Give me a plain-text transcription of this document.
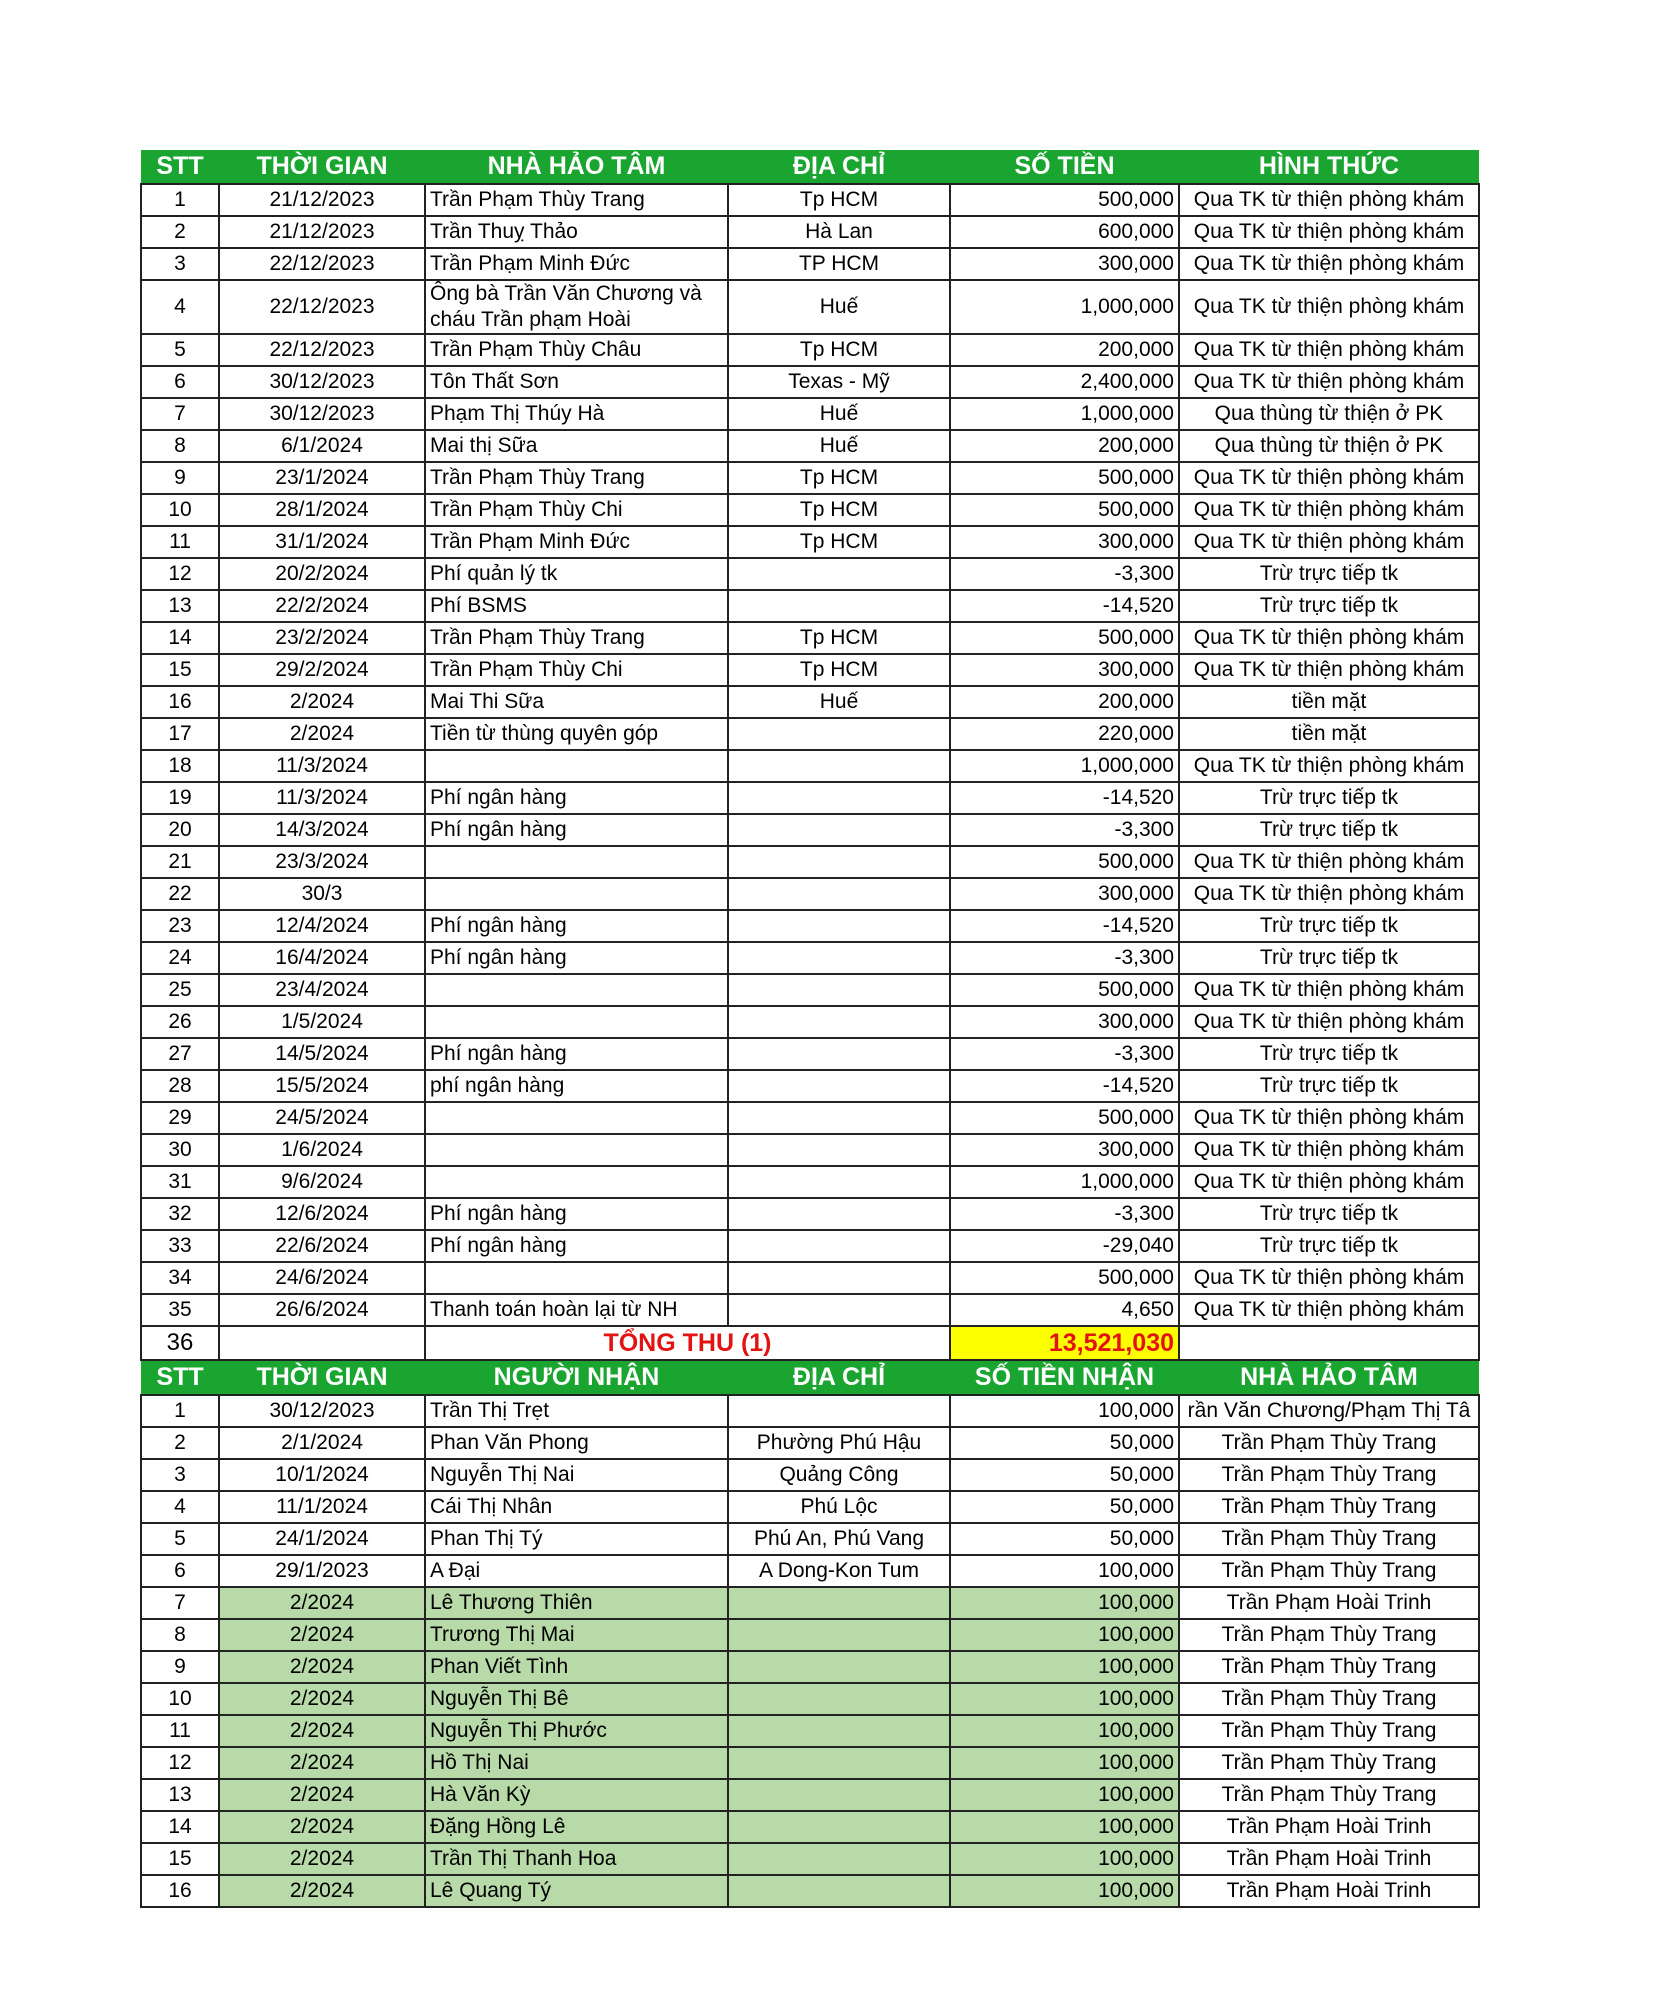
STT	THỜI GIAN	NHÀ HẢO TÂM	ĐỊA CHỈ	SỐ TIỀN	HÌNH THỨC
1	21/12/2023	Trần Phạm Thùy Trang	Tp HCM	500,000	Qua TK từ thiện phòng khám
2	21/12/2023	Trần Thuỵ Thảo	Hà Lan	600,000	Qua TK từ thiện phòng khám
3	22/12/2023	Trần Phạm Minh Đức	TP HCM	300,000	Qua TK từ thiện phòng khám
4	22/12/2023	Ông bà Trần Văn Chương và cháu Trần phạm Hoài	Huế	1,000,000	Qua TK từ thiện phòng khám
5	22/12/2023	Trần Phạm Thùy Châu	Tp HCM	200,000	Qua TK từ thiện phòng khám
6	30/12/2023	Tôn Thất Sơn	Texas - Mỹ	2,400,000	Qua TK từ thiện phòng khám
7	30/12/2023	Phạm Thị Thúy Hà	Huế	1,000,000	Qua thùng từ thiện ở PK
8	6/1/2024	Mai thị Sữa	Huế	200,000	Qua thùng từ thiện ở PK
9	23/1/2024	Trần Phạm Thùy Trang	Tp HCM	500,000	Qua TK từ thiện phòng khám
10	28/1/2024	Trần Phạm Thùy Chi	Tp HCM	500,000	Qua TK từ thiện phòng khám
11	31/1/2024	Trần Phạm Minh Đức	Tp HCM	300,000	Qua TK từ thiện phòng khám
12	20/2/2024	Phí quản lý tk		-3,300	Trừ trực tiếp tk
13	22/2/2024	Phí BSMS		-14,520	Trừ trực tiếp tk
14	23/2/2024	Trần Phạm Thùy Trang	Tp HCM	500,000	Qua TK từ thiện phòng khám
15	29/2/2024	Trần Phạm Thùy Chi	Tp HCM	300,000	Qua TK từ thiện phòng khám
16	2/2024	Mai Thi Sữa	Huế	200,000	tiền mặt
17	2/2024	Tiền từ thùng quyên góp		220,000	tiền mặt
18	11/3/2024			1,000,000	Qua TK từ thiện phòng khám
19	11/3/2024	Phí ngân hàng		-14,520	Trừ trực tiếp tk
20	14/3/2024	Phí ngân hàng		-3,300	Trừ trực tiếp tk
21	23/3/2024			500,000	Qua TK từ thiện phòng khám
22	30/3			300,000	Qua TK từ thiện phòng khám
23	12/4/2024	Phí ngân hàng		-14,520	Trừ trực tiếp tk
24	16/4/2024	Phí ngân hàng		-3,300	Trừ trực tiếp tk
25	23/4/2024			500,000	Qua TK từ thiện phòng khám
26	1/5/2024			300,000	Qua TK từ thiện phòng khám
27	14/5/2024	Phí ngân hàng		-3,300	Trừ trực tiếp tk
28	15/5/2024	phí ngân hàng		-14,520	Trừ trực tiếp tk
29	24/5/2024			500,000	Qua TK từ thiện phòng khám
30	1/6/2024			300,000	Qua TK từ thiện phòng khám
31	9/6/2024			1,000,000	Qua TK từ thiện phòng khám
32	12/6/2024	Phí ngân hàng		-3,300	Trừ trực tiếp tk
33	22/6/2024	Phí ngân hàng		-29,040	Trừ trực tiếp tk
34	24/6/2024			500,000	Qua TK từ thiện phòng khám
35	26/6/2024	Thanh toán hoàn lại từ NH		4,650	Qua TK từ thiện phòng khám
36		TỔNG THU (1)		13,521,030	
STT	THỜI GIAN	NGƯỜI NHẬN	ĐỊA CHỈ	SỐ TIỀN NHẬN	NHÀ HẢO TÂM
1	30/12/2023	Trần Thị Trẹt		100,000	rần Văn Chương/Phạm Thị Tâ
2	2/1/2024	Phan Văn Phong	Phường Phú Hậu	50,000	Trần Phạm Thùy Trang
3	10/1/2024	Nguyễn Thị Nai	Quảng Công	50,000	Trần Phạm Thùy Trang
4	11/1/2024	Cái Thị Nhân	Phú Lộc	50,000	Trần Phạm Thùy Trang
5	24/1/2024	Phan Thị Tý	Phú An, Phú Vang	50,000	Trần Phạm Thùy Trang
6	29/1/2023	A Đại	A Dong-Kon Tum	100,000	Trần Phạm Thùy Trang
7	2/2024	Lê Thương Thiên		100,000	Trần Phạm Hoài Trinh
8	2/2024	Trương Thị Mai		100,000	Trần Phạm Thùy Trang
9	2/2024	Phan Viết Tình		100,000	Trần Phạm Thùy Trang
10	2/2024	Nguyễn Thị Bê		100,000	Trần Phạm Thùy Trang
11	2/2024	Nguyễn Thị Phước		100,000	Trần Phạm Thùy Trang
12	2/2024	Hồ Thị Nai		100,000	Trần Phạm Thùy Trang
13	2/2024	Hà Văn Kỳ		100,000	Trần Phạm Thùy Trang
14	2/2024	Đặng Hồng Lê		100,000	Trần Phạm Hoài Trinh
15	2/2024	Trần Thị Thanh Hoa		100,000	Trần Phạm Hoài Trinh
16	2/2024	Lê Quang Tý		100,000	Trần Phạm Hoài Trinh
